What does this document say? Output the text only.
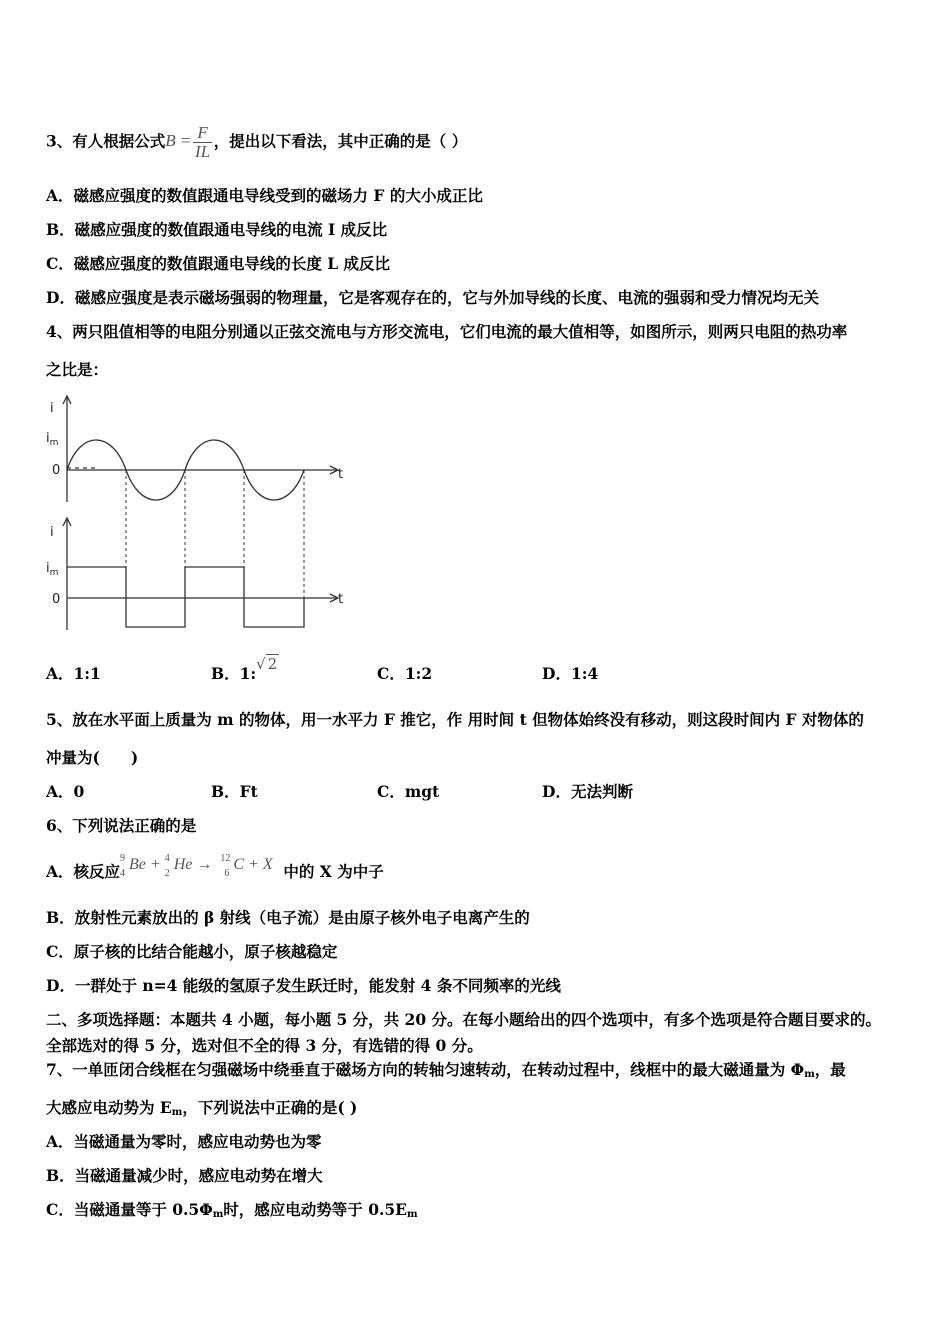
3、有人根据公式$B = \frac{F}{IL}$ ，提出以下看法，其中正确的是（ ）
A．磁感应强度的数值跟通电导线受到的磁场力 F 的大小成正比
B．磁感应强度的数值跟通电导线的电流 I 成反比
C．磁感应强度的数值跟通电导线的长度 L 成反比
D．磁感应强度是表示磁场强弱的物理量，它是客观存在的，它与外加导线的长度、电流的强弱和受力情况均无关
4、两只阻值相等的电阻分别通以正弦交流电与方形交流电，它们电流的最大值相等，如图所示，则两只电阻的热功率
之比是：
i
$i_m$
0	t
i
$i_m$
0	t
A．1:1	B．1:√ 2	C．1:2	D．1:4
5、放在水平面上质量为 m 的物体，用一水平力 F 推它，作 用时间 t 但物体始终没有移动，则这段时间内 F 对物体的
冲量为(　　)
A．0	B．Ft	C．mgt	D．无法判断
6、下列说法正确的是
A．核反应
9
4
Be + 4
2
He → 12
6
C + X 中的 X 为中子
B．放射性元素放出的 β 射线（电子流）是由原子核外电子电离产生的
C．原子核的比结合能越小，原子核越稳定
D．一群处于 n=4 能级的氢原子发生跃迁时，能发射 4 条不同频率的光线
二、多项选择题：本题共 4 小题，每小题 5 分，共 20 分。在每小题给出的四个选项中，有多个选项是符合题目要求的。
全部选对的得 5 分，选对但不全的得 3 分，有选错的得 0 分。
7、一单匝闭合线框在匀强磁场中绕垂直于磁场方向的转轴匀速转动，在转动过程中，线框中的最大磁通量为 $\Phi_m$，最
大感应电动势为 $E_m$，下列说法中正确的是( )
A．当磁通量为零时，感应电动势也为零
B．当磁通量减少时，感应电动势在增大
C．当磁通量等于 $0.5\Phi_m$时，感应电动势等于 $0.5E_m$
